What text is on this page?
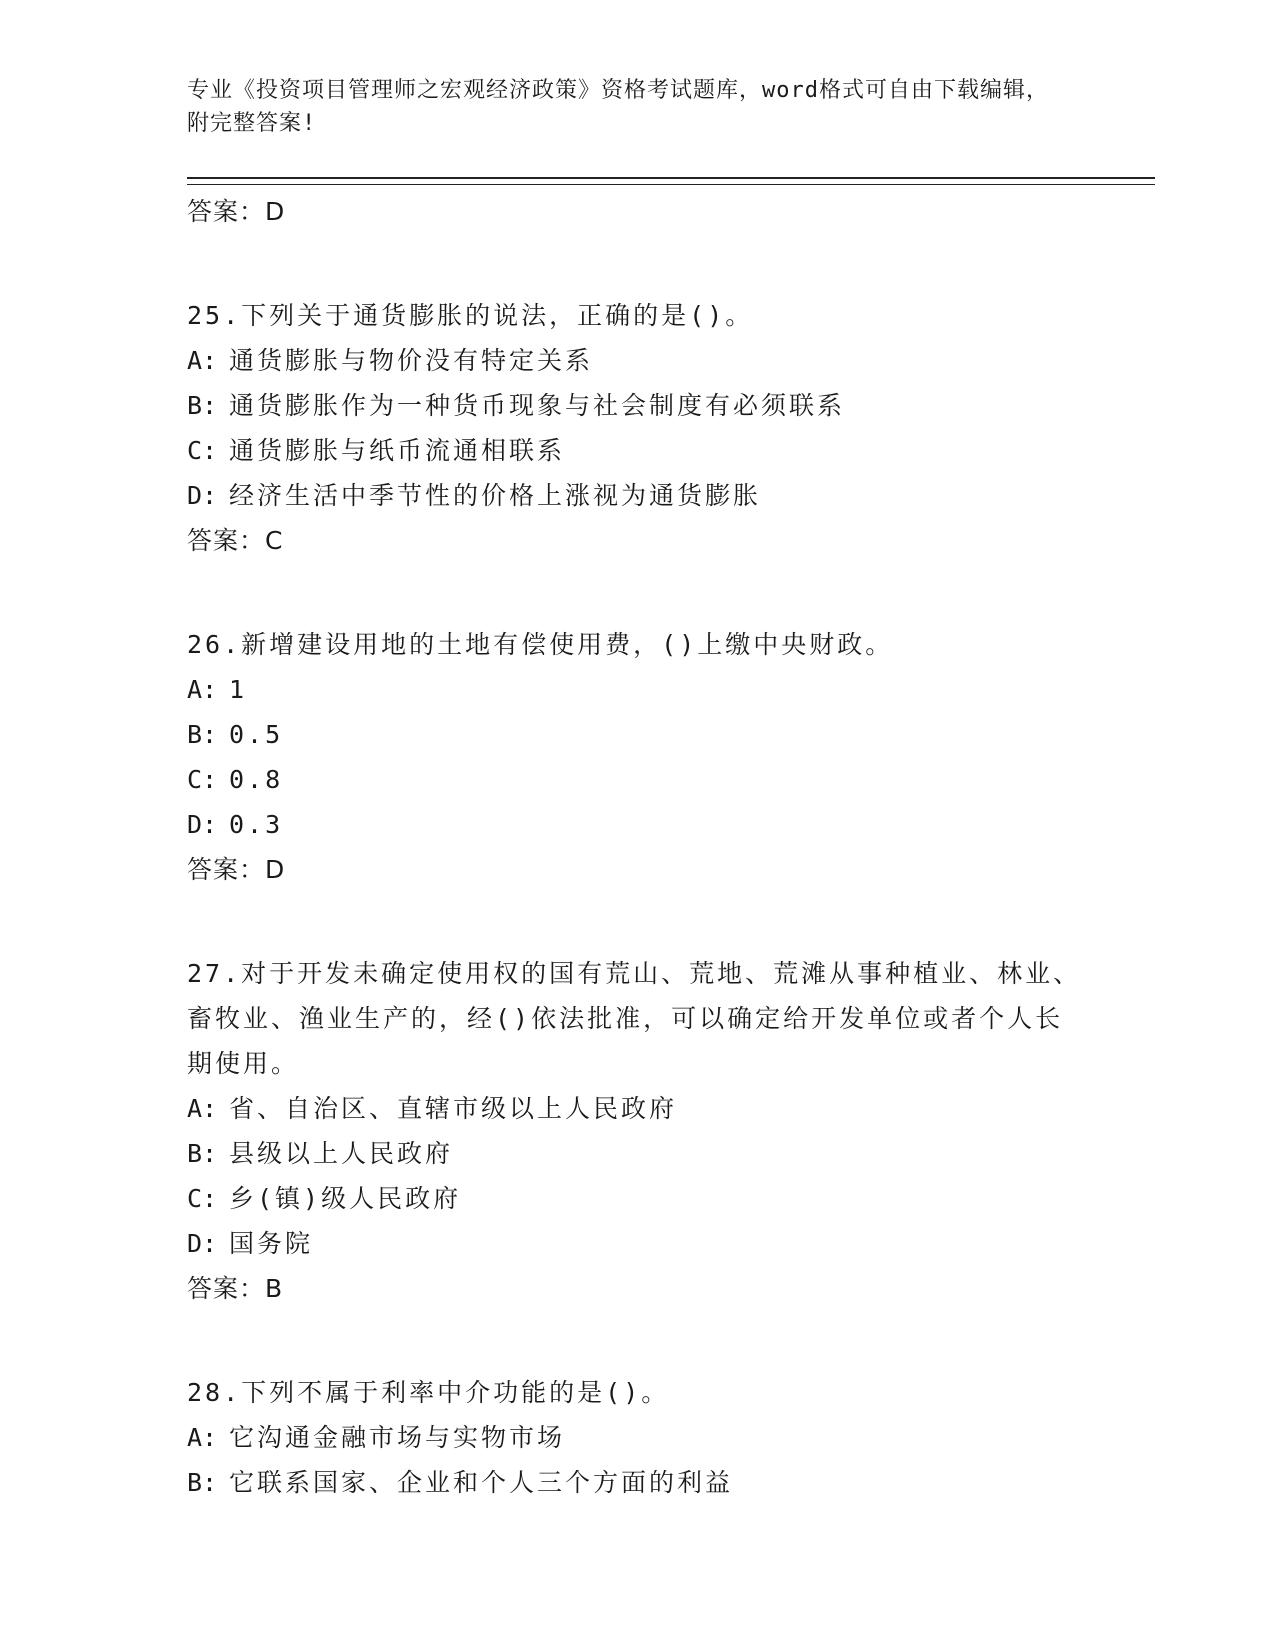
专业《投资项目管理师之宏观经济政策》资格考试题库，word格式可自由下载编辑，附完整答案!

答案：D

25.下列关于通货膨胀的说法，正确的是()。

A: 通货膨胀与物价没有特定关系

B: 通货膨胀作为一种货币现象与社会制度有必须联系

C: 通货膨胀与纸币流通相联系

D: 经济生活中季节性的价格上涨视为通货膨胀

答案：C

26.新增建设用地的土地有偿使用费，()上缴中央财政。

A: 1

B: 0.5

C: 0.8

D: 0.3

答案：D

27.对于开发未确定使用权的国有荒山、荒地、荒滩从事种植业、林业、畜牧业、渔业生产的，经()依法批准，可以确定给开发单位或者个人长期使用。

A: 省、自治区、直辖市级以上人民政府

B: 县级以上人民政府

C: 乡(镇)级人民政府

D: 国务院

答案：B

28.下列不属于利率中介功能的是()。

A: 它沟通金融市场与实物市场

B: 它联系国家、企业和个人三个方面的利益
